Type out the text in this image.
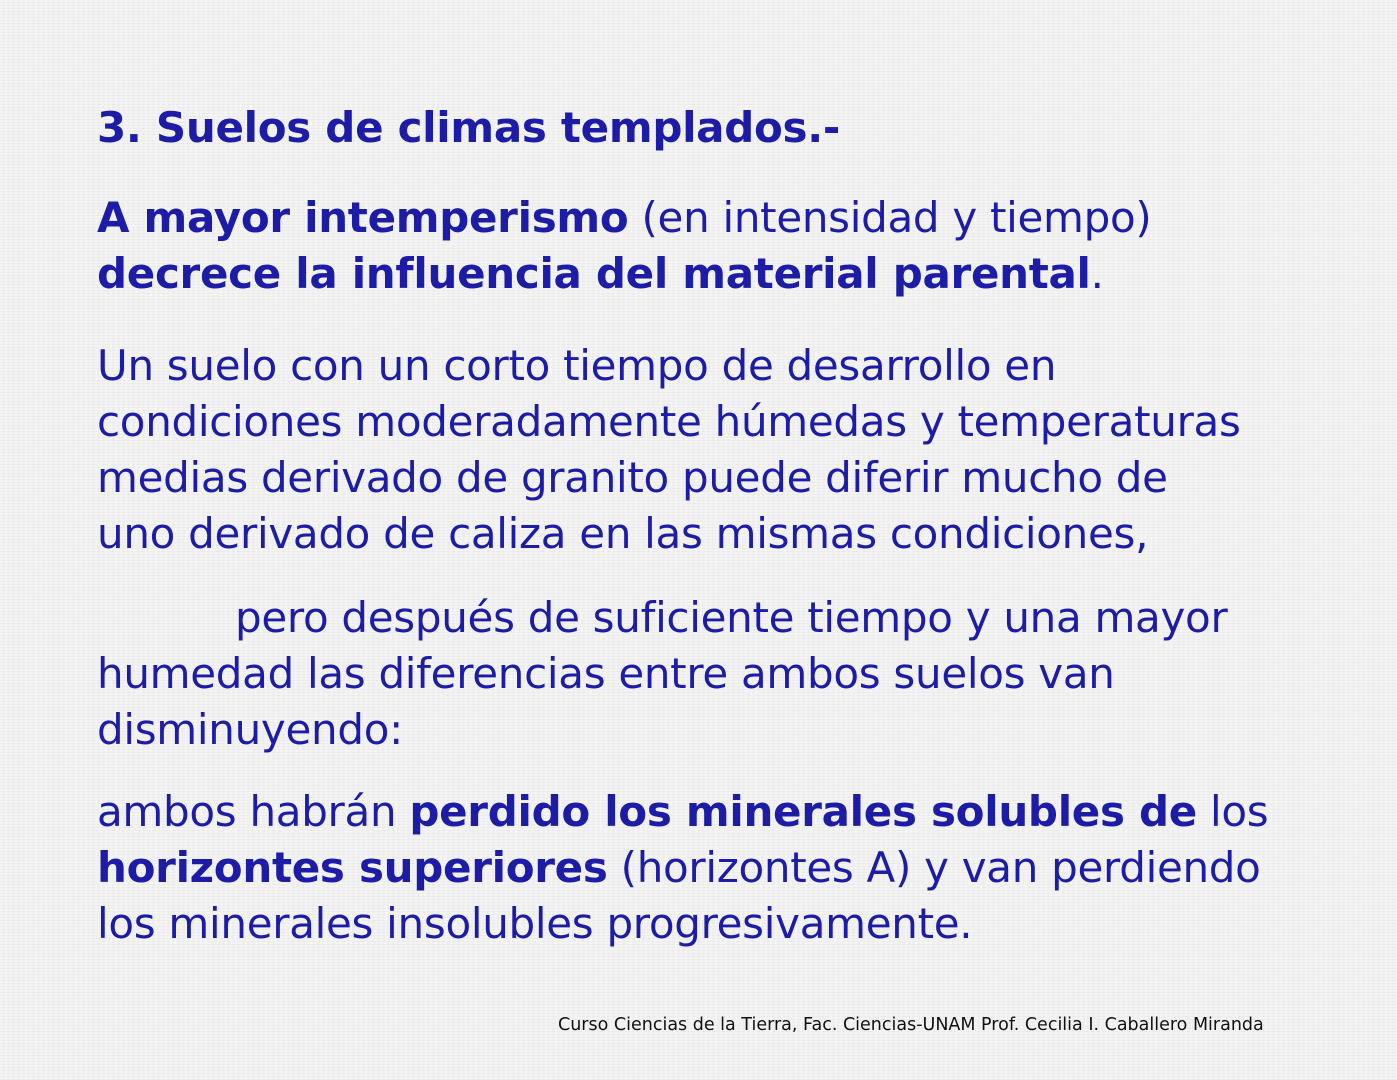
3. Suelos de climas templados.-
A mayor intemperismo (en intensidad y tiempo)
decrece la influencia del material parental.
Un suelo con un corto tiempo de desarrollo en
condiciones moderadamente húmedas y temperaturas
medias derivado de granito puede diferir mucho de
uno derivado de caliza en las mismas condiciones,
pero después de suficiente tiempo y una mayor
humedad las diferencias entre ambos suelos van
disminuyendo:
ambos habrán perdido los minerales solubles de los
horizontes superiores (horizontes A) y van perdiendo
los minerales insolubles progresivamente.
Curso Ciencias de la Tierra, Fac. Ciencias-UNAM Prof. Cecilia I. Caballero Miranda
